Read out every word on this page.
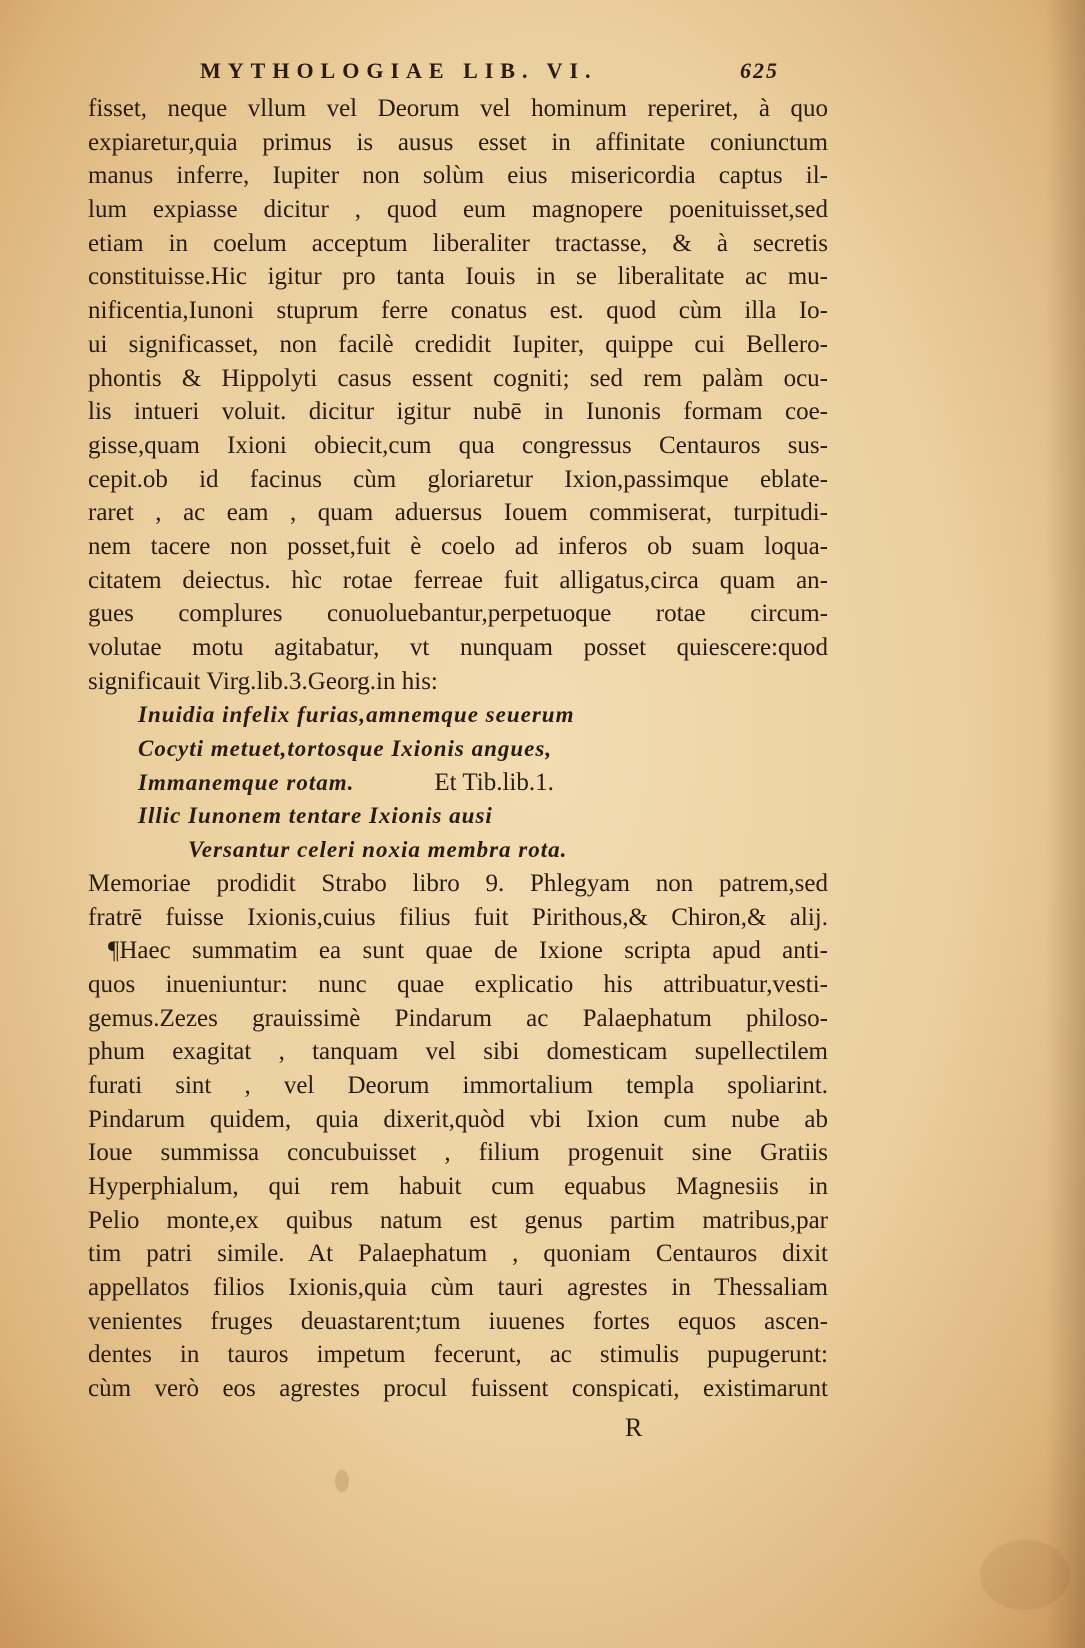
MYTHOLOGIAE LIB. VI.	625
fisset, neque vllum vel Deorum vel hominum reperiret, à quo
expiaretur,quia primus is ausus esset in affinitate coniunctum
manus inferre, Iupiter non solùm eius misericordia captus il-
lum expiasse dicitur , quod eum magnopere poenituisset,sed
etiam in coelum acceptum liberaliter tractasse, & à secretis
constituisse.Hic igitur pro tanta Iouis in se liberalitate ac mu-
nificentia,Iunoni stuprum ferre conatus est. quod cùm illa Io-
ui significasset, non facilè credidit Iupiter, quippe cui Bellero-
phontis & Hippolyti casus essent cogniti; sed rem palàm ocu-
lis intueri voluit. dicitur igitur nubē in Iunonis formam coe-
gisse,quam Ixioni obiecit,cum qua congressus Centauros sus-
cepit.ob id facinus cùm gloriaretur Ixion,passimque eblate-
raret , ac eam , quam aduersus Iouem commiserat, turpitudi-
nem tacere non posset,fuit è coelo ad inferos ob suam loqua-
citatem deiectus. hìc rotae ferreae fuit alligatus,circa quam an-
gues complures conuoluebantur,perpetuoque rotae circum-
volutae motu agitabatur, vt nunquam posset quiescere:quod
significauit Virg.lib.3.Georg.in his:
Inuidia infelix furias,amnemque seuerum
Cocyti metuet,tortosque Ixionis angues,
Immanemque rotam.	Et Tib.lib.1.
Illic Iunonem tentare Ixionis ausi
Versantur celeri noxia membra rota.
Memoriae prodidit Strabo libro 9. Phlegyam non patrem,sed
fratrē fuisse Ixionis,cuius filius fuit Pirithous,& Chiron,& alij.
¶Haec summatim ea sunt quae de Ixione scripta apud anti-
quos inueniuntur: nunc quae explicatio his attribuatur,vesti-
gemus.Zezes grauissimè Pindarum ac Palaephatum philoso-
phum exagitat , tanquam vel sibi domesticam supellectilem
furati sint , vel Deorum immortalium templa spoliarint.
Pindarum quidem, quia dixerit,quòd vbi Ixion cum nube ab
Ioue summissa concubuisset , filium progenuit sine Gratiis
Hyperphialum, qui rem habuit cum equabus Magnesiis in
Pelio monte,ex quibus natum est genus partim matribus,par
tim patri simile. At Palaephatum , quoniam Centauros dixit
appellatos filios Ixionis,quia cùm tauri agrestes in Thessaliam
venientes fruges deuastarent;tum iuuenes fortes equos ascen-
dentes in tauros impetum fecerunt, ac stimulis pupugerunt:
cùm verò eos agrestes procul fuissent conspicati, existimarunt
R
